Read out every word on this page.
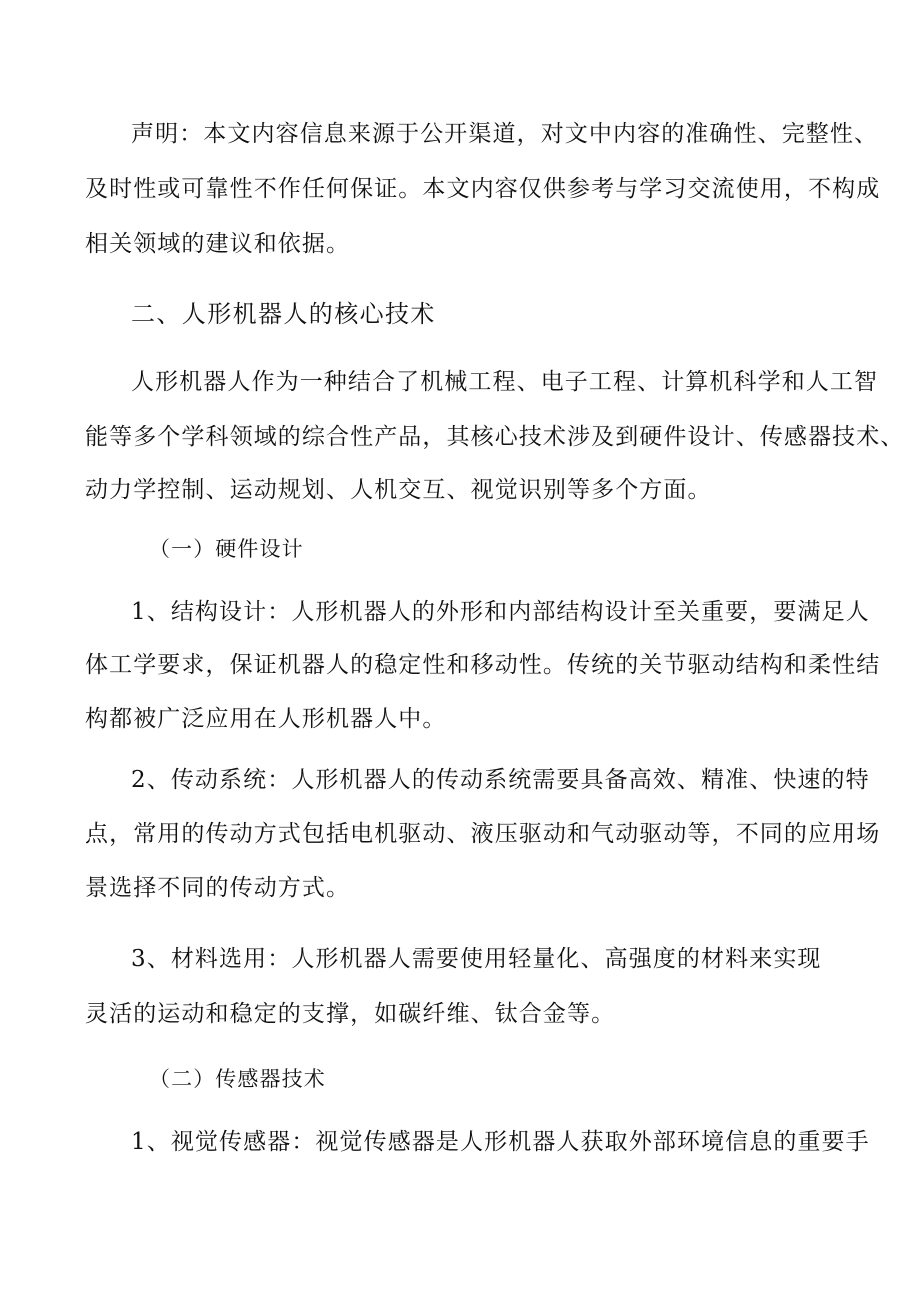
声明：本文内容信息来源于公开渠道，对文中内容的准确性、完整性、
及时性或可靠性不作任何保证。本文内容仅供参考与学习交流使用，不构成
相关领域的建议和依据。
二、人形机器人的核心技术
人形机器人作为一种结合了机械工程、电子工程、计算机科学和人工智
能等多个学科领域的综合性产品，其核心技术涉及到硬件设计、传感器技术、
动力学控制、运动规划、人机交互、视觉识别等多个方面。
（一）硬件设计
1、结构设计：人形机器人的外形和内部结构设计至关重要，要满足人
体工学要求，保证机器人的稳定性和移动性。传统的关节驱动结构和柔性结
构都被广泛应用在人形机器人中。
2、传动系统：人形机器人的传动系统需要具备高效、精准、快速的特
点，常用的传动方式包括电机驱动、液压驱动和气动驱动等，不同的应用场
景选择不同的传动方式。
3、材料选用：人形机器人需要使用轻量化、高强度的材料来实现
灵活的运动和稳定的支撑，如碳纤维、钛合金等。
（二）传感器技术
1、视觉传感器：视觉传感器是人形机器人获取外部环境信息的重要手
